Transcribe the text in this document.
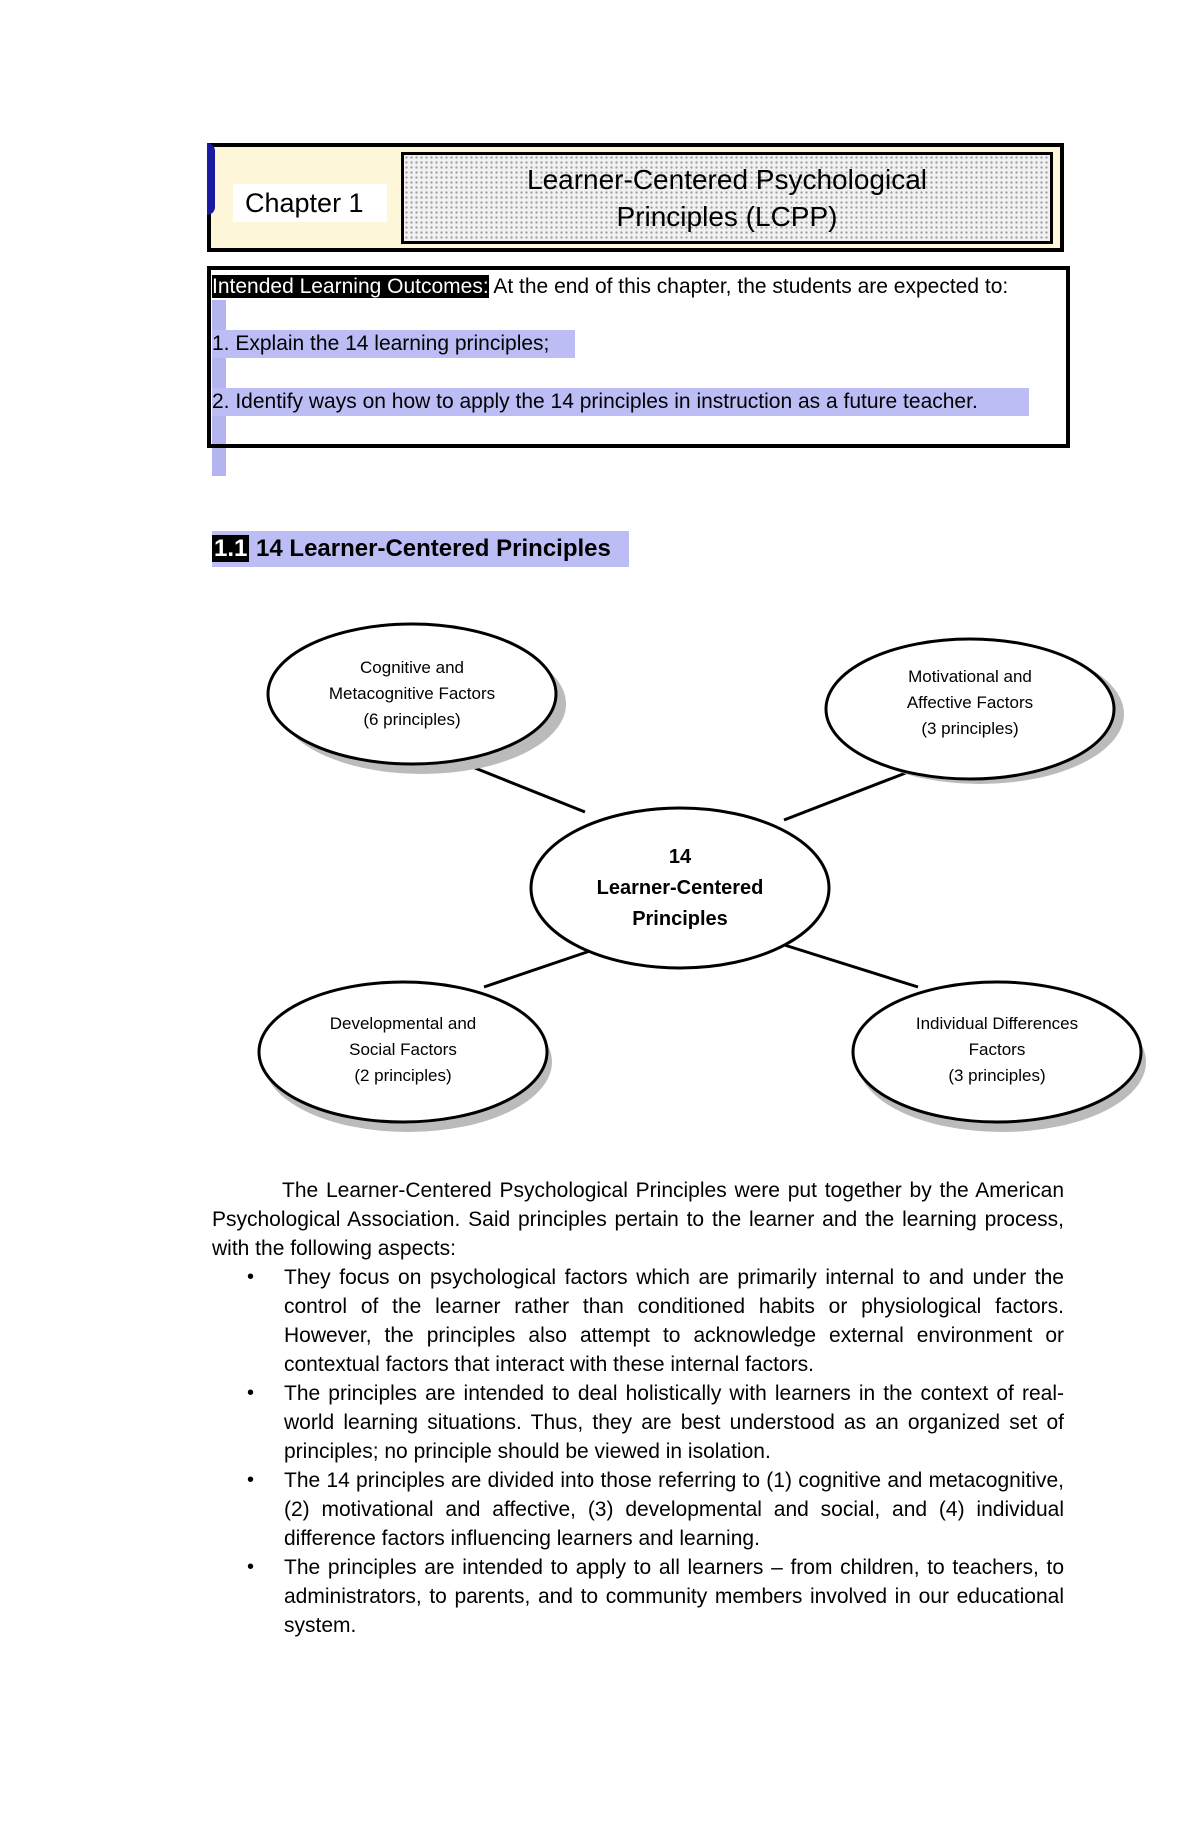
Chapter 1
Learner-Centered Psychological
Principles (LCPP)
Intended Learning Outcomes: At the end of this chapter, the students are expected to:
1. Explain the 14 learning principles;
2. Identify ways on how to apply the 14 principles in instruction as a future teacher.
1.1 14 Learner-Centered Principles
Cognitive and
Metacognitive Factors
(6 principles)
Motivational and
Affective Factors
(3 principles)
14
Learner-Centered
Principles
Developmental and
Social Factors
(2 principles)
Individual Differences
Factors
(3 principles)
The Learner-Centered Psychological Principles were put together by the American Psychological Association. Said principles pertain to the learner and the learning process, with the following aspects:
• They focus on psychological factors which are primarily internal to and under the control of the learner rather than conditioned habits or physiological factors. However, the principles also attempt to acknowledge external environment or contextual factors that interact with these internal factors.
• The principles are intended to deal holistically with learners in the context of real-world learning situations. Thus, they are best understood as an organized set of principles; no principle should be viewed in isolation.
• The 14 principles are divided into those referring to (1) cognitive and metacognitive, (2) motivational and affective, (3) developmental and social, and (4) individual difference factors influencing learners and learning.
• The principles are intended to apply to all learners – from children, to teachers, to administrators, to parents, and to community members involved in our educational system.
